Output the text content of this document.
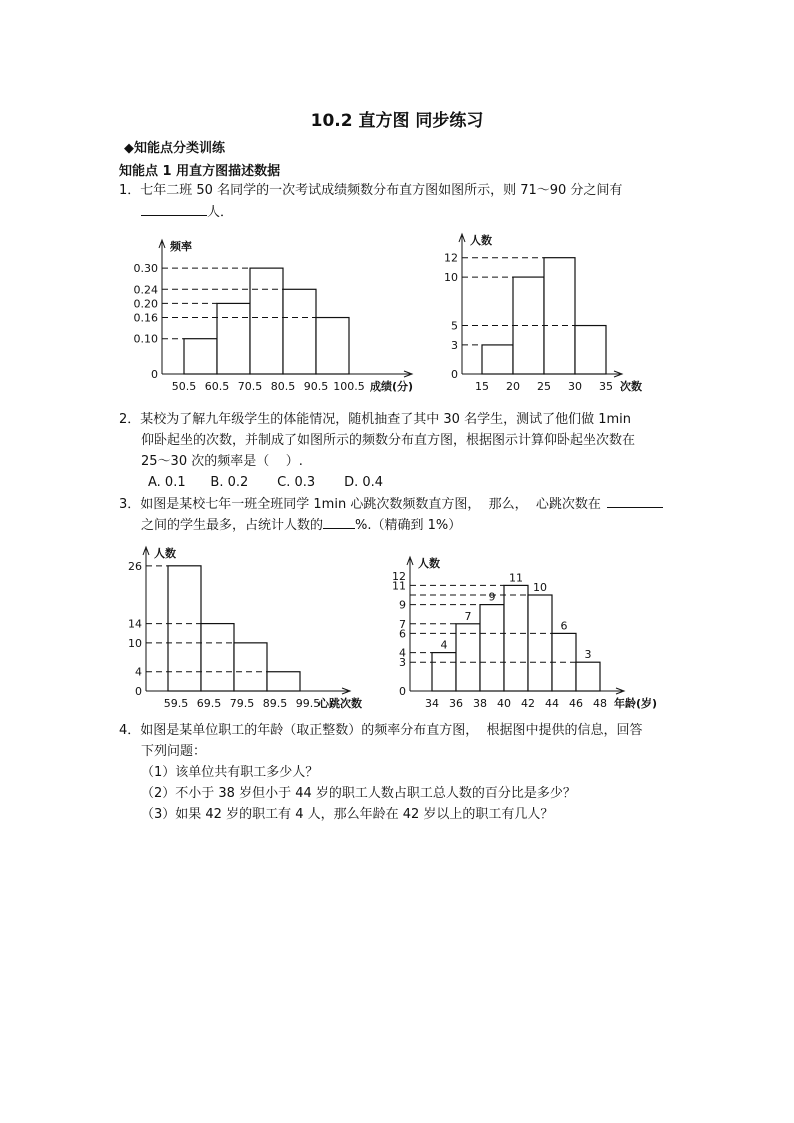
10.2 直方图 同步练习
◆知能点分类训练
知能点 1 用直方图描述数据
1．七年二班 50 名同学的一次考试成绩频数分布直方图如图所示，则 71～90 分之间有
人．
频率
0.30
0.24
0.20
0.16
0.10
0
50.5 60.5 70.5 80.5 90.5 100.5 成绩(分)
人数
12
10
5
3
0
15 20 25 30 35 次数
2．某校为了解九年级学生的体能情况，随机抽查了其中 30 名学生，测试了他们做 1min
仰卧起坐的次数，并制成了如图所示的频数分布直方图，根据图示计算仰卧起坐次数在
25～30 次的频率是（    ）.
A. 0.1      B. 0.2       C. 0.3       D. 0.4
3．如图是某校七年一班全班同学 1min 心跳次数频数直方图，  那么，  心跳次数在
之间的学生最多，占统计人数的 %.（精确到 1%）
人数
26
14
10
4
0
59.5 69.5 79.5 89.5 99.5
心跳次数
人数
4
7
9
11
10
6
3
12
11
9
7
6
4
3
0
34 36 38 40 42 44 46 48 年龄(岁)
4．如图是某单位职工的年龄（取正整数）的频率分布直方图，  根据图中提供的信息，回答
下列问题：
（1）该单位共有职工多少人？
（2）不小于 38 岁但小于 44 岁的职工人数占职工总人数的百分比是多少？
（3）如果 42 岁的职工有 4 人，那么年龄在 42 岁以上的职工有几人？
